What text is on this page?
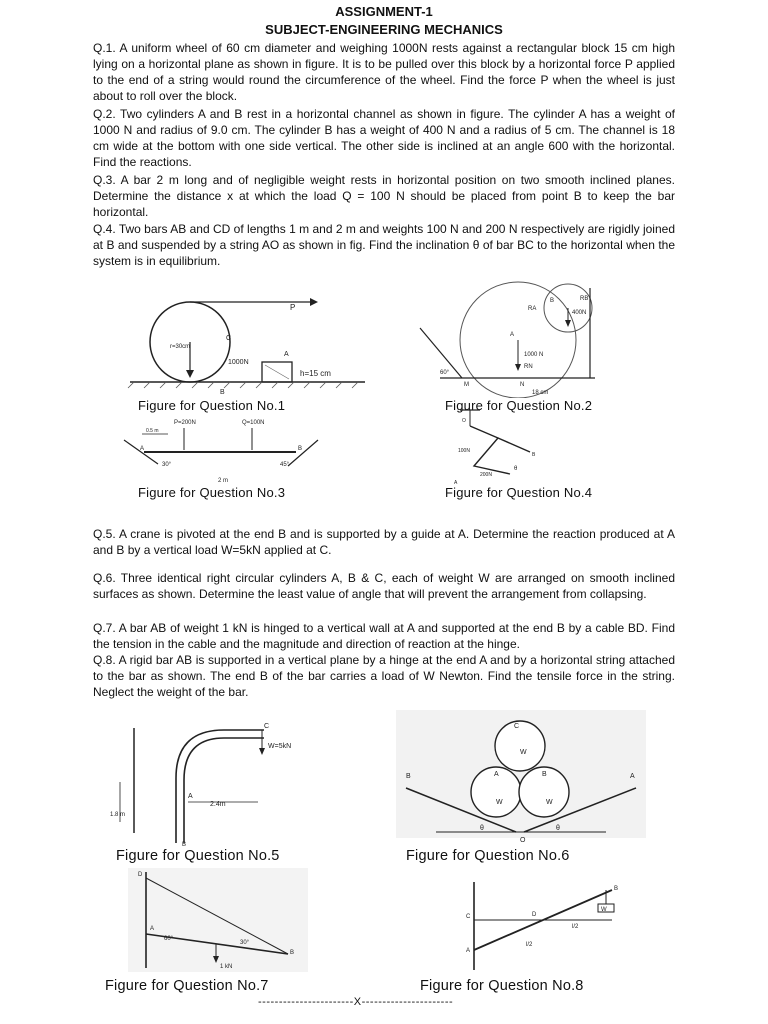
ASSIGNMENT-1
SUBJECT-ENGINEERING MECHANICS

Q.1. A uniform wheel of 60 cm diameter and weighing 1000N rests against a rectangular block 15 cm high lying on a horizontal plane as shown in figure. It is to be pulled over this block by a horizontal force P applied to the end of a string would round the circumference of the wheel. Find the force P when the wheel is just about to roll over the block.

Q.2. Two cylinders A and B rest in a horizontal channel as shown in figure. The cylinder A has a weight of 1000 N and radius of 9.0 cm. The cylinder B has a weight of 400 N and a radius of 5 cm. The channel is 18 cm wide at the bottom with one side vertical. The other side is inclined at an angle 600 with the horizontal. Find the reactions.

Q.3. A bar 2 m long and of negligible weight rests in horizontal position on two smooth inclined planes. Determine the distance x at which the load Q = 100 N should be placed from point B to keep the bar horizontal.

Q.4. Two bars AB and CD of lengths 1 m and 2 m and weights 100 N and 200 N respectively are rigidly joined at B and suspended by a string AO as shown in fig. Find the inclination θ of bar BC to the horizontal when the system is in equilibrium.

P
r=30cm
C
1000N
A
B
h=15 cm
Figure for Question No.1
RA
400N
RB
1000 N
RN
60°
M	N
18 cm
B
A
Figure for Question No.2
P=200N	Q=100N
0.5 m
30°	45°
2 m
A	B
Figure for Question No.3
100N
200N
θ
B
O
A
Figure for Question No.4

Q.5. A crane is pivoted at the end B and is supported by a guide at A. Determine the reaction produced at A and B by a vertical load W=5kN applied at C.

Q.6. Three identical right circular cylinders A, B & C, each of weight W are arranged on smooth inclined surfaces as shown. Determine the least value of angle that will prevent the arrangement from collapsing.

Q.7. A bar AB of weight 1 kN is hinged to a vertical wall at A and supported at the end B by a cable BD. Find the tension in the cable and the magnitude and direction of reaction at the hinge.

Q.8. A rigid bar AB is supported in a vertical plane by a hinge at the end A and by a horizontal string attached to the bar as shown. The end B of the bar carries a load of W Newton. Find the tensile force in the string. Neglect the weight of the bar.

C
W=5kN
A
B
1.8 m
2.4m
Figure for Question No.5
C
W
A	B
B	A
W	W
O
θ	θ
Figure for Question No.6
D
A
B
60°
30°
1 kN
Figure for Question No.7
A
B
C	D
W
l/2
l/2
Figure for Question No.8
-----------------------X----------------------
